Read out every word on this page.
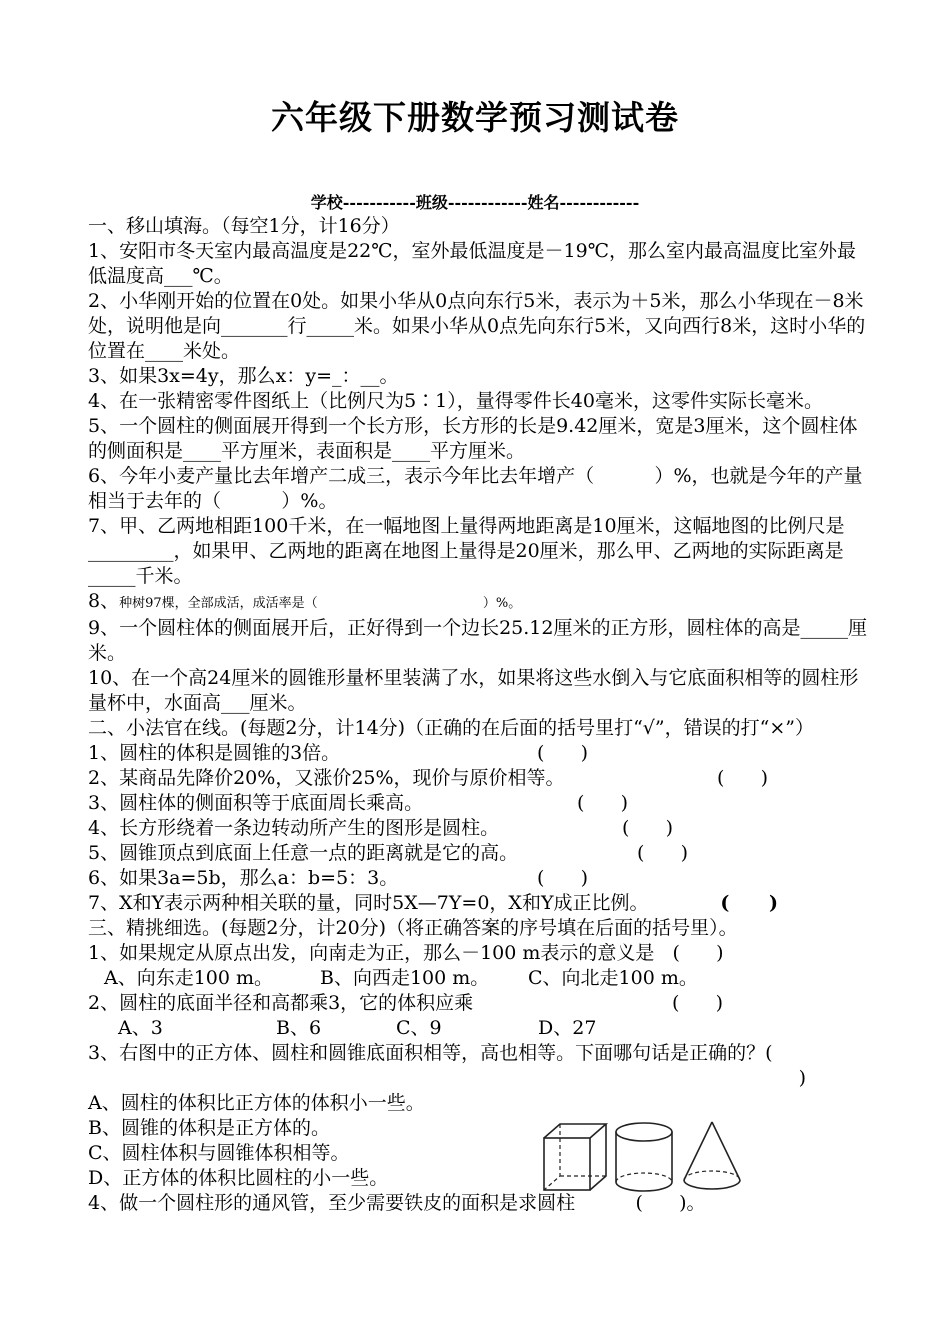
六年级下册数学预习测试卷
学校-----------班级------------姓名------------

一、移山填海。（每空1分，计16分）

1、安阳市冬天室内最高温度是22℃，室外最低温度是－19℃，那么室内最高温度比室外最低温度高___℃。

2、小华刚开始的位置在0处。如果小华从0点向东行5米，表示为＋5米，那么小华现在－8米处，说明他是向_______行_____米。如果小华从0点先向东行5米，又向西行8米，这时小华的位置在____米处。

3、如果3x=4y，那么x：y=_：__。

4、在一张精密零件图纸上（比例尺为5∶1），量得零件长40毫米，这零件实际长毫米。

5、一个圆柱的侧面展开得到一个长方形，长方形的长是9.42厘米，宽是3厘米，这个圆柱体的侧面积是____平方厘米，表面积是____平方厘米。

6、今年小麦产量比去年增产二成三，表示今年比去年增产（          ）%，也就是今年的产量相当于去年的（          ）%。

7、甲、乙两地相距100千米，在一幅地图上量得两地距离是10厘米，这幅地图的比例尺是_________，如果甲、乙两地的距离在地图上量得是20厘米，那么甲、乙两地的实际距离是 _____千米。

8、种树97棵，全部成活，成活率是（                                        ）%。

9、一个圆柱体的侧面展开后，正好得到一个边长25.12厘米的正方形，圆柱体的高是_____厘米。

10、在一个高24厘米的圆锥形量杯里装满了水，如果将这些水倒入与它底面积相等的圆柱形量杯中，水面高___厘米。

二、小法官在线。(每题2分，计14分)（正确的在后面的括号里打“√”，错误的打“×”）

1、圆柱的体积是圆锥的3倍。	(      )
2、某商品先降价20%，又涨价25%，现价与原价相等。	(      )
3、圆柱体的侧面积等于底面周长乘高。	(      )
4、长方形绕着一条边转动所产生的图形是圆柱。	(      )
5、圆锥顶点到底面上任意一点的距离就是它的高。	(      )
6、如果3a=5b，那么a：b=5：3。	(      )
7、X和Y表示两种相关联的量，同时5X—7Y=0，X和Y成正比例。	(      )

三、精挑细选。(每题2分，计20分)（将正确答案的序号填在后面的括号里）。

1、如果规定从原点出发，向南走为正，那么－100 m表示的意义是   (      )

A、向东走100 m。	B、向西走100 m。	C、向北走100 m。
2、圆柱的底面半径和高都乘3，它的体积应乘	(      )
A、3	B、6	C、9	D、27

3、右图中的正方体、圆柱和圆锥底面积相等，高也相等。下面哪句话是正确的？(

)

A、圆柱的体积比正方体的体积小一些。

B、圆锥的体积是正方体的。

C、圆柱体积与圆锥体积相等。

D、正方体的体积比圆柱的小一些。

4、做一个圆柱形的通风管，至少需要铁皮的面积是求圆柱          (      )。
